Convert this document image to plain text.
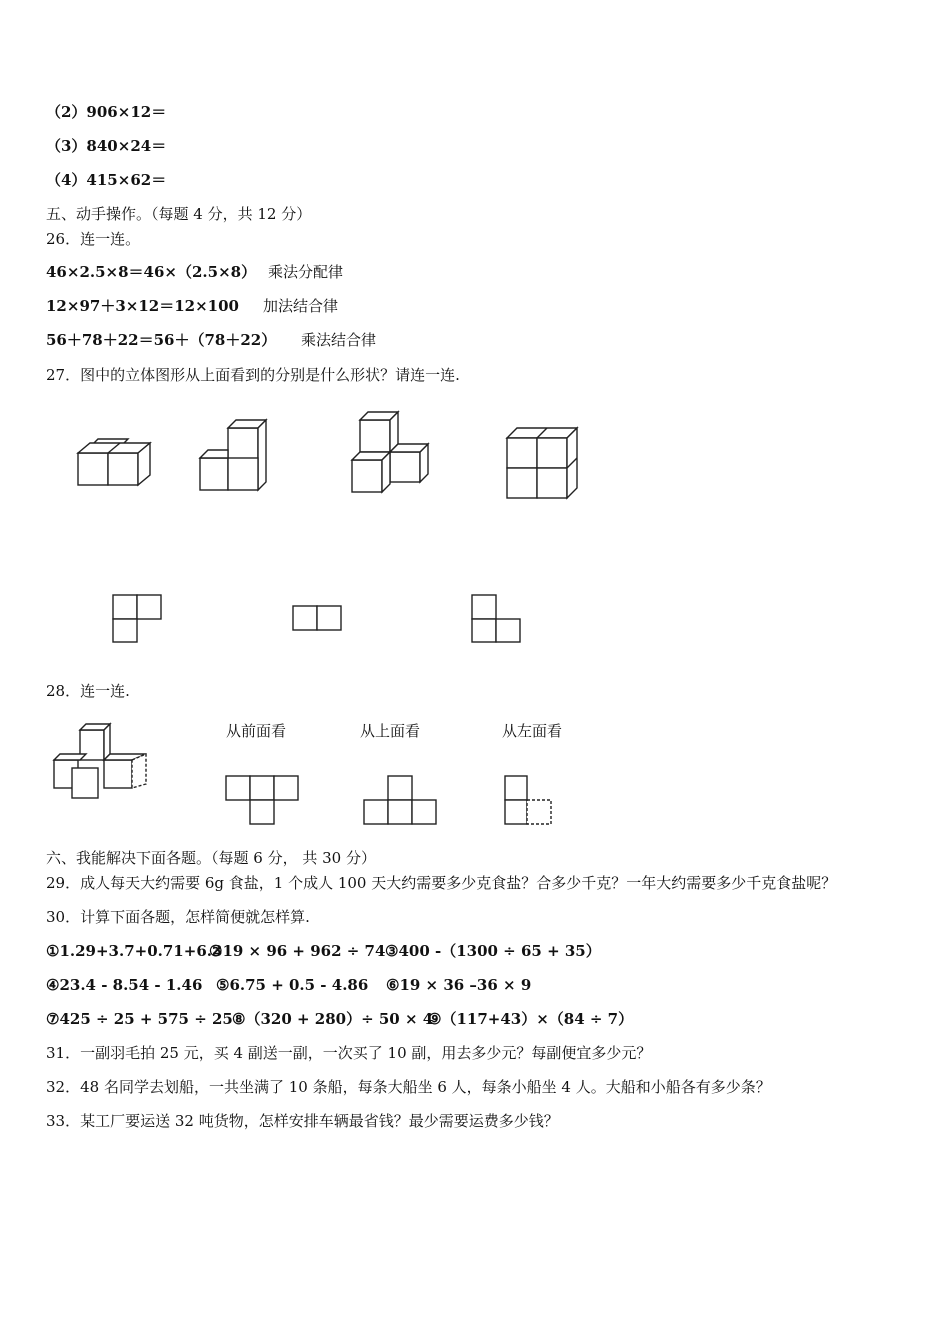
（2）906×12＝
（3）840×24＝
（4）415×62＝
五、动手操作。（每题 4 分，共 12 分）
26．连一连。
46×2.5×8＝46×（2.5×8） 乘法分配律
12×97＋3×12＝12×100 加法结合律
56＋78＋22＝56＋（78＋22） 乘法结合律
27．图中的立体图形从上面看到的分别是什么形状？请连一连.
28．连一连.
从前面看	从上面看	从左面看
六、我能解决下面各题。（每题 6 分， 共 30 分）
29．成人每天大约需要 6g 食盐，1 个成人 100 天大约需要多少克食盐？合多少千克？一年大约需要多少千克食盐呢？
30．计算下面各题，怎样简便就怎样算.
①1.29+3.7+0.71+6.3
②19 × 96 + 962 ÷ 74 ③400 -（1300 ÷ 65 + 35）
④23.4 - 8.54 - 1.46 ⑤6.75 + 0.5 - 4.86 ⑥19 × 36 –36 × 9
⑦425 ÷ 25 + 575 ÷ 25 ⑧（320 + 280）÷ 50 × 4
⑨（117+43）×（84 ÷ 7）
31．一副羽毛拍 25 元，买 4 副送一副，一次买了 10 副，用去多少元？每副便宜多少元？
32．48 名同学去划船，一共坐满了 10 条船，每条大船坐 6 人，每条小船坐 4 人。大船和小船各有多少条？
33．某工厂要运送 32 吨货物，怎样安排车辆最省钱？最少需要运费多少钱？
